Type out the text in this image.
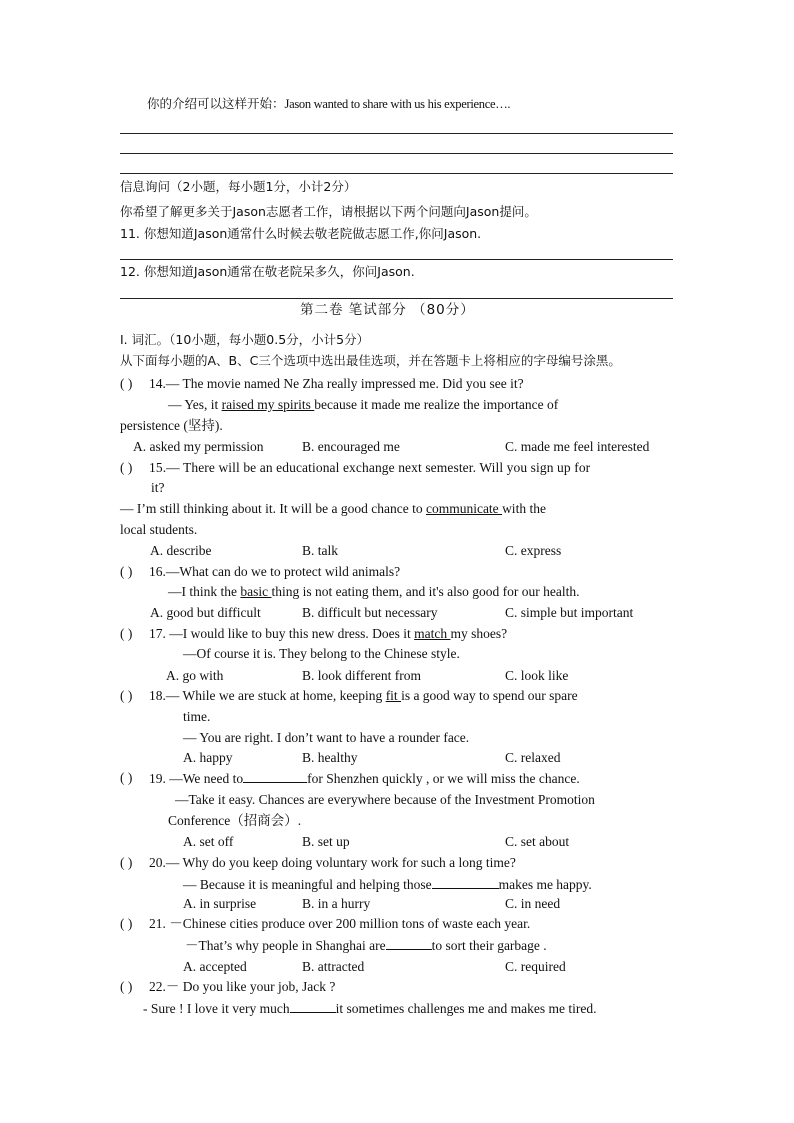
你的介绍可以这样开始：Jason wanted to share with us his experience….
信息询问（2小题，每小题1分，小计2分）
你希望了解更多关于Jason志愿者工作，请根据以下两个问题向Jason提问。
11. 你想知道Jason通常什么时候去敬老院做志愿工作,你问Jason.
12. 你想知道Jason通常在敬老院呆多久，你问Jason.
第二卷 笔试部分 （80分）
Ⅰ. 词汇。（10小题，每小题0.5分，小计5分）
从下面每小题的A、B、C三个选项中选出最佳选项，并在答题卡上将相应的字母编号涂黑。
( ) 14.— The movie named Ne Zha really impressed me. Did you see it?
— Yes, it raised my spirits because it made me realize the importance of
persistence (坚持).
A. asked my permission	B. encouraged me	C. made me feel interested
( ) 15.— There will be an educational exchange next semester. Will you sign up for
it?
— I’m still thinking about it. It will be a good chance to communicate with the
local students.
A. describe	B. talk	C. express
( ) 16.—What can do we to protect wild animals?
—I think the basic thing is not eating them, and it's also good for our health.
A. good but difficult	B. difficult but necessary	C. simple but important
( ) 17. —I would like to buy this new dress. Does it match my shoes?
—Of course it is. They belong to the Chinese style.
A. go with	B. look different from	C. look like
( ) 18.— While we are stuck at home, keeping fit is a good way to spend our spare
time.
— You are right. I don’t want to have a rounder face.
A. happy	B. healthy	C. relaxed
( ) 19. —We need to	for Shenzhen quickly , or we will miss the chance.
—Take it easy. Chances are everywhere because of the Investment Promotion
Conference（招商会）.
A. set off	B. set up	C. set about
( ) 20.— Why do you keep doing voluntary work for such a long time?
— Because it is meaningful and helping those	makes me happy.
A. in surprise	B. in a hurry	C. in need
( ) 21. －Chinese cities produce over 200 million tons of waste each year.
－That’s why people in Shanghai are	to sort their garbage .
A. accepted	B. attracted	C. required
( ) 22.－ Do you like your job, Jack ?
- Sure ! I love it very much	it sometimes challenges me and makes me tired.
